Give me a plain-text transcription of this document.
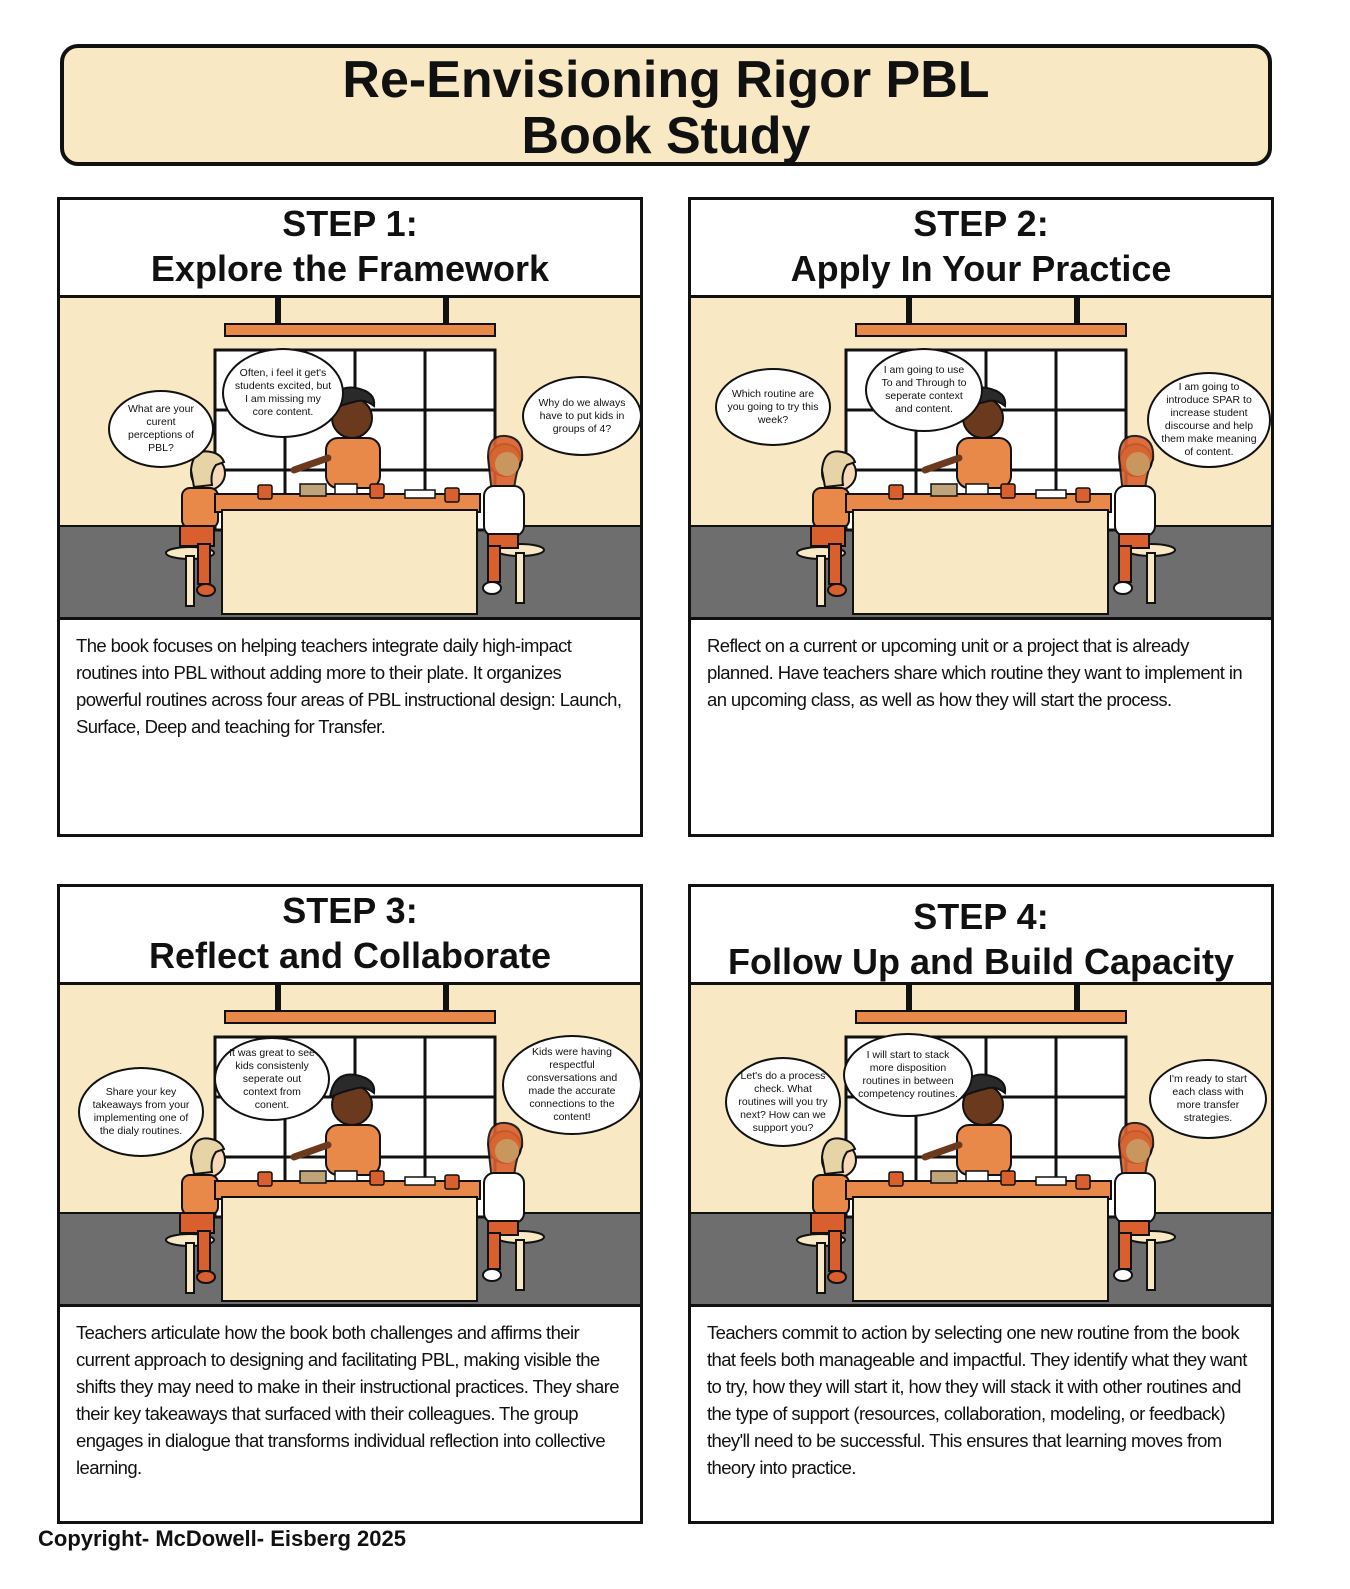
Re-Envisioning Rigor PBL
Book Study
STEP 1:
Explore the Framework
What are your curent perceptions of PBL?
Often, i feel it get's students excited, but I am missing my core content.
Why do we always have to put kids in groups of 4?
The book focuses on helping teachers integrate daily high-impact routines into PBL without adding more to their plate. It organizes powerful routines across four areas of PBL instructional design: Launch, Surface, Deep and teaching for Transfer.
STEP 2:
Apply In Your Practice
Which routine are you going to try this week?
I am going to use To and Through to seperate context and content.
I am going to introduce SPAR to increase student discourse and help them make meaning of content.
Reflect on a current or upcoming unit or a project that is already planned. Have teachers share which routine they want to implement in an upcoming class, as well as how they will start the process.
STEP 3:
Reflect and Collaborate
Share your key takeaways from your implementing one of the dialy routines.
It was great to see kids consistenly seperate out context from conent.
Kids were having respectful consversations and made the accurate connections to the content!
Teachers articulate how the book both challenges and affirms their current approach to designing and facilitating PBL, making visible the shifts they may need to make in their instructional practices. They share their key takeaways that surfaced with their colleagues. The group engages in dialogue that transforms individual reflection into collective learning.
STEP 4:
Follow Up and Build Capacity
Let's do a process check. What routines will you try next? How can we support you?
I will start to stack more disposition routines in between competency routines.
I'm ready to start each class with more transfer strategies.
Teachers commit to action by selecting one new routine from the book that feels both manageable and impactful. They identify what they want to try, how they will start it, how they will stack it with other routines and the type of support (resources, collaboration, modeling, or feedback) they'll need to be successful. This ensures that learning moves from theory into practice.
Copyright- McDowell- Eisberg 2025
